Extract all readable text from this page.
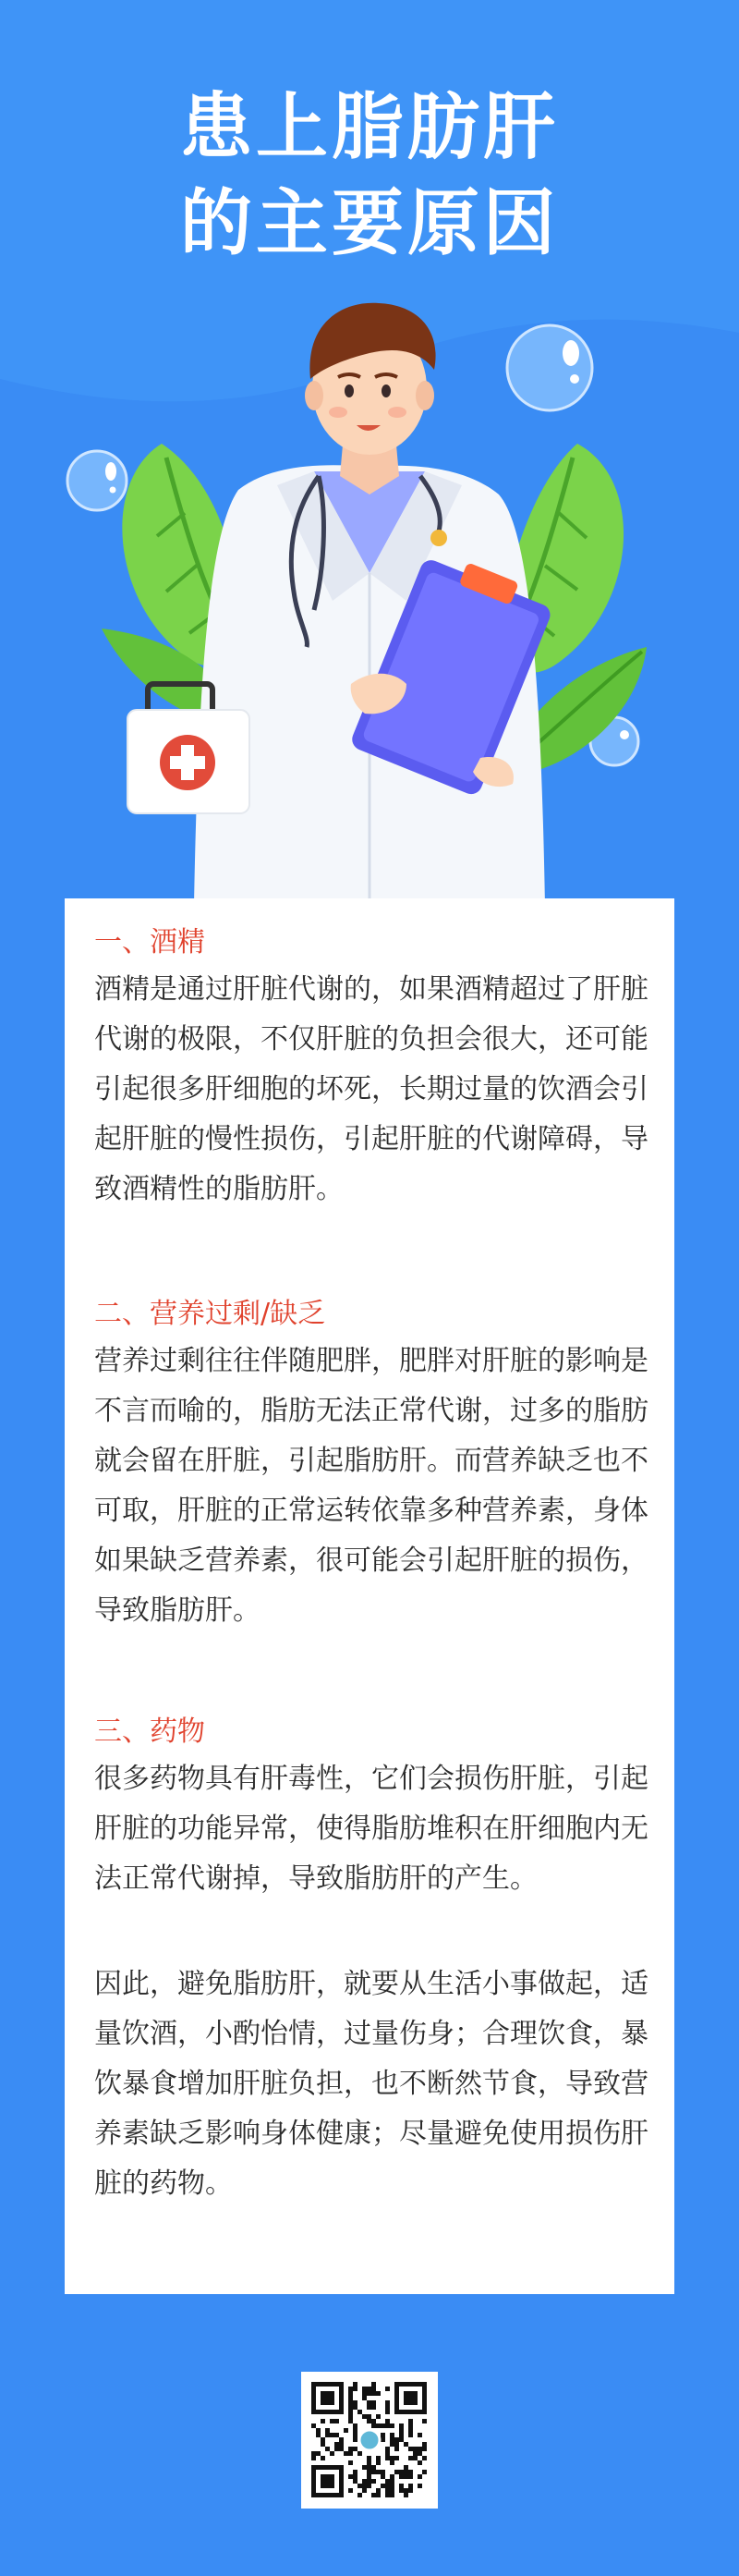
患上脂肪肝
的主要原因

一、酒精

酒精是通过肝脏代谢的，如果酒精超过了肝脏代谢的极限，不仅肝脏的负担会很大，还可能引起很多肝细胞的坏死，长期过量的饮酒会引起肝脏的慢性损伤，引起肝脏的代谢障碍，导致酒精性的脂肪肝。

二、营养过剩/缺乏

营养过剩往往伴随肥胖，肥胖对肝脏的影响是不言而喻的，脂肪无法正常代谢，过多的脂肪就会留在肝脏，引起脂肪肝。而营养缺乏也不可取，肝脏的正常运转依靠多种营养素，身体如果缺乏营养素，很可能会引起肝脏的损伤，导致脂肪肝。

三、药物

很多药物具有肝毒性，它们会损伤肝脏，引起肝脏的功能异常，使得脂肪堆积在肝细胞内无法正常代谢掉，导致脂肪肝的产生。

因此，避免脂肪肝，就要从生活小事做起，适量饮酒，小酌怡情，过量伤身；合理饮食，暴饮暴食增加肝脏负担，也不断然节食，导致营养素缺乏影响身体健康；尽量避免使用损伤肝脏的药物。
